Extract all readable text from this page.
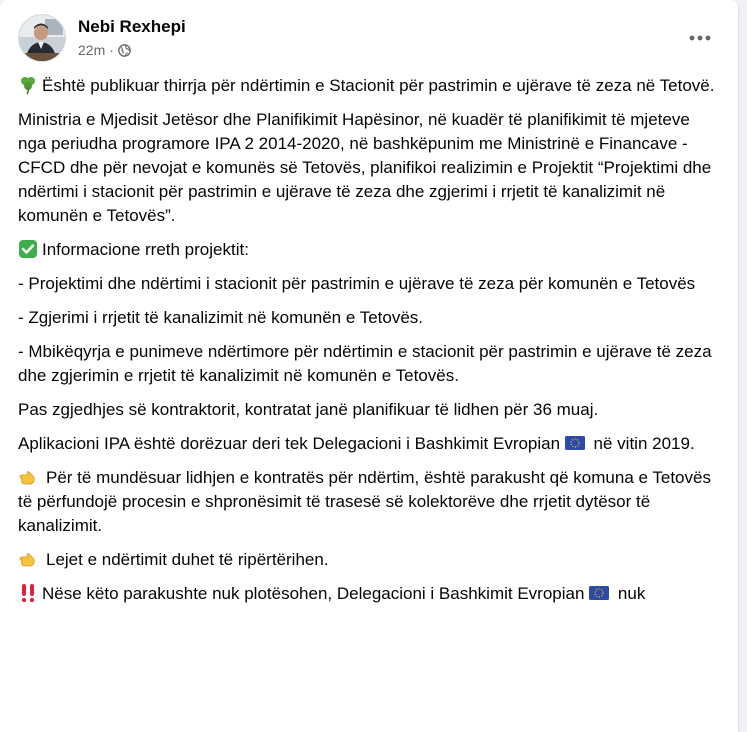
Nebi Rexhepi
22m ·

Është publikuar thirrja për ndërtimin e Stacionit për pastrimin e ujërave të zeza në Tetovë.

Ministria e Mjedisit Jetësor dhe Planifikimit Hapësinor, në kuadër të planifikimit të mjeteve nga periudha programore IPA 2 2014-2020, në bashkëpunim me Ministrinë e Financave - CFCD dhe për nevojat e komunës së Tetovës, planifikoi realizimin e Projektit “Projektimi dhe ndërtimi i stacionit për pastrimin e ujërave të zeza dhe zgjerimi i rrjetit të kanalizimit në komunën e Tetovës”.

Informacione rreth projektit:

- Projektimi dhe ndërtimi i stacionit për pastrimin e ujërave të zeza për komunën e Tetovës

- Zgjerimi i rrjetit të kanalizimit në komunën e Tetovës.

- Mbikëqyrja e punimeve ndërtimore për ndërtimin e stacionit për pastrimin e ujërave të zeza dhe zgjerimin e rrjetit të kanalizimit në komunën e Tetovës.

Pas zgjedhjes së kontraktorit, kontratat janë planifikuar të lidhen për 36 muaj.

Aplikacioni IPA është dorëzuar deri tek Delegacioni i Bashkimit Evropian në vitin 2019.

Për të mundësuar lidhjen e kontratës për ndërtim, është parakusht që komuna e Tetovës të përfundojë procesin e shpronësimit të trasesë së kolektorëve dhe rrjetit dytësor të kanalizimit.

Lejet e ndërtimit duhet të ripërtërihen.

Nëse këto parakushte nuk plotësohen, Delegacioni i Bashkimit Evropian nuk
